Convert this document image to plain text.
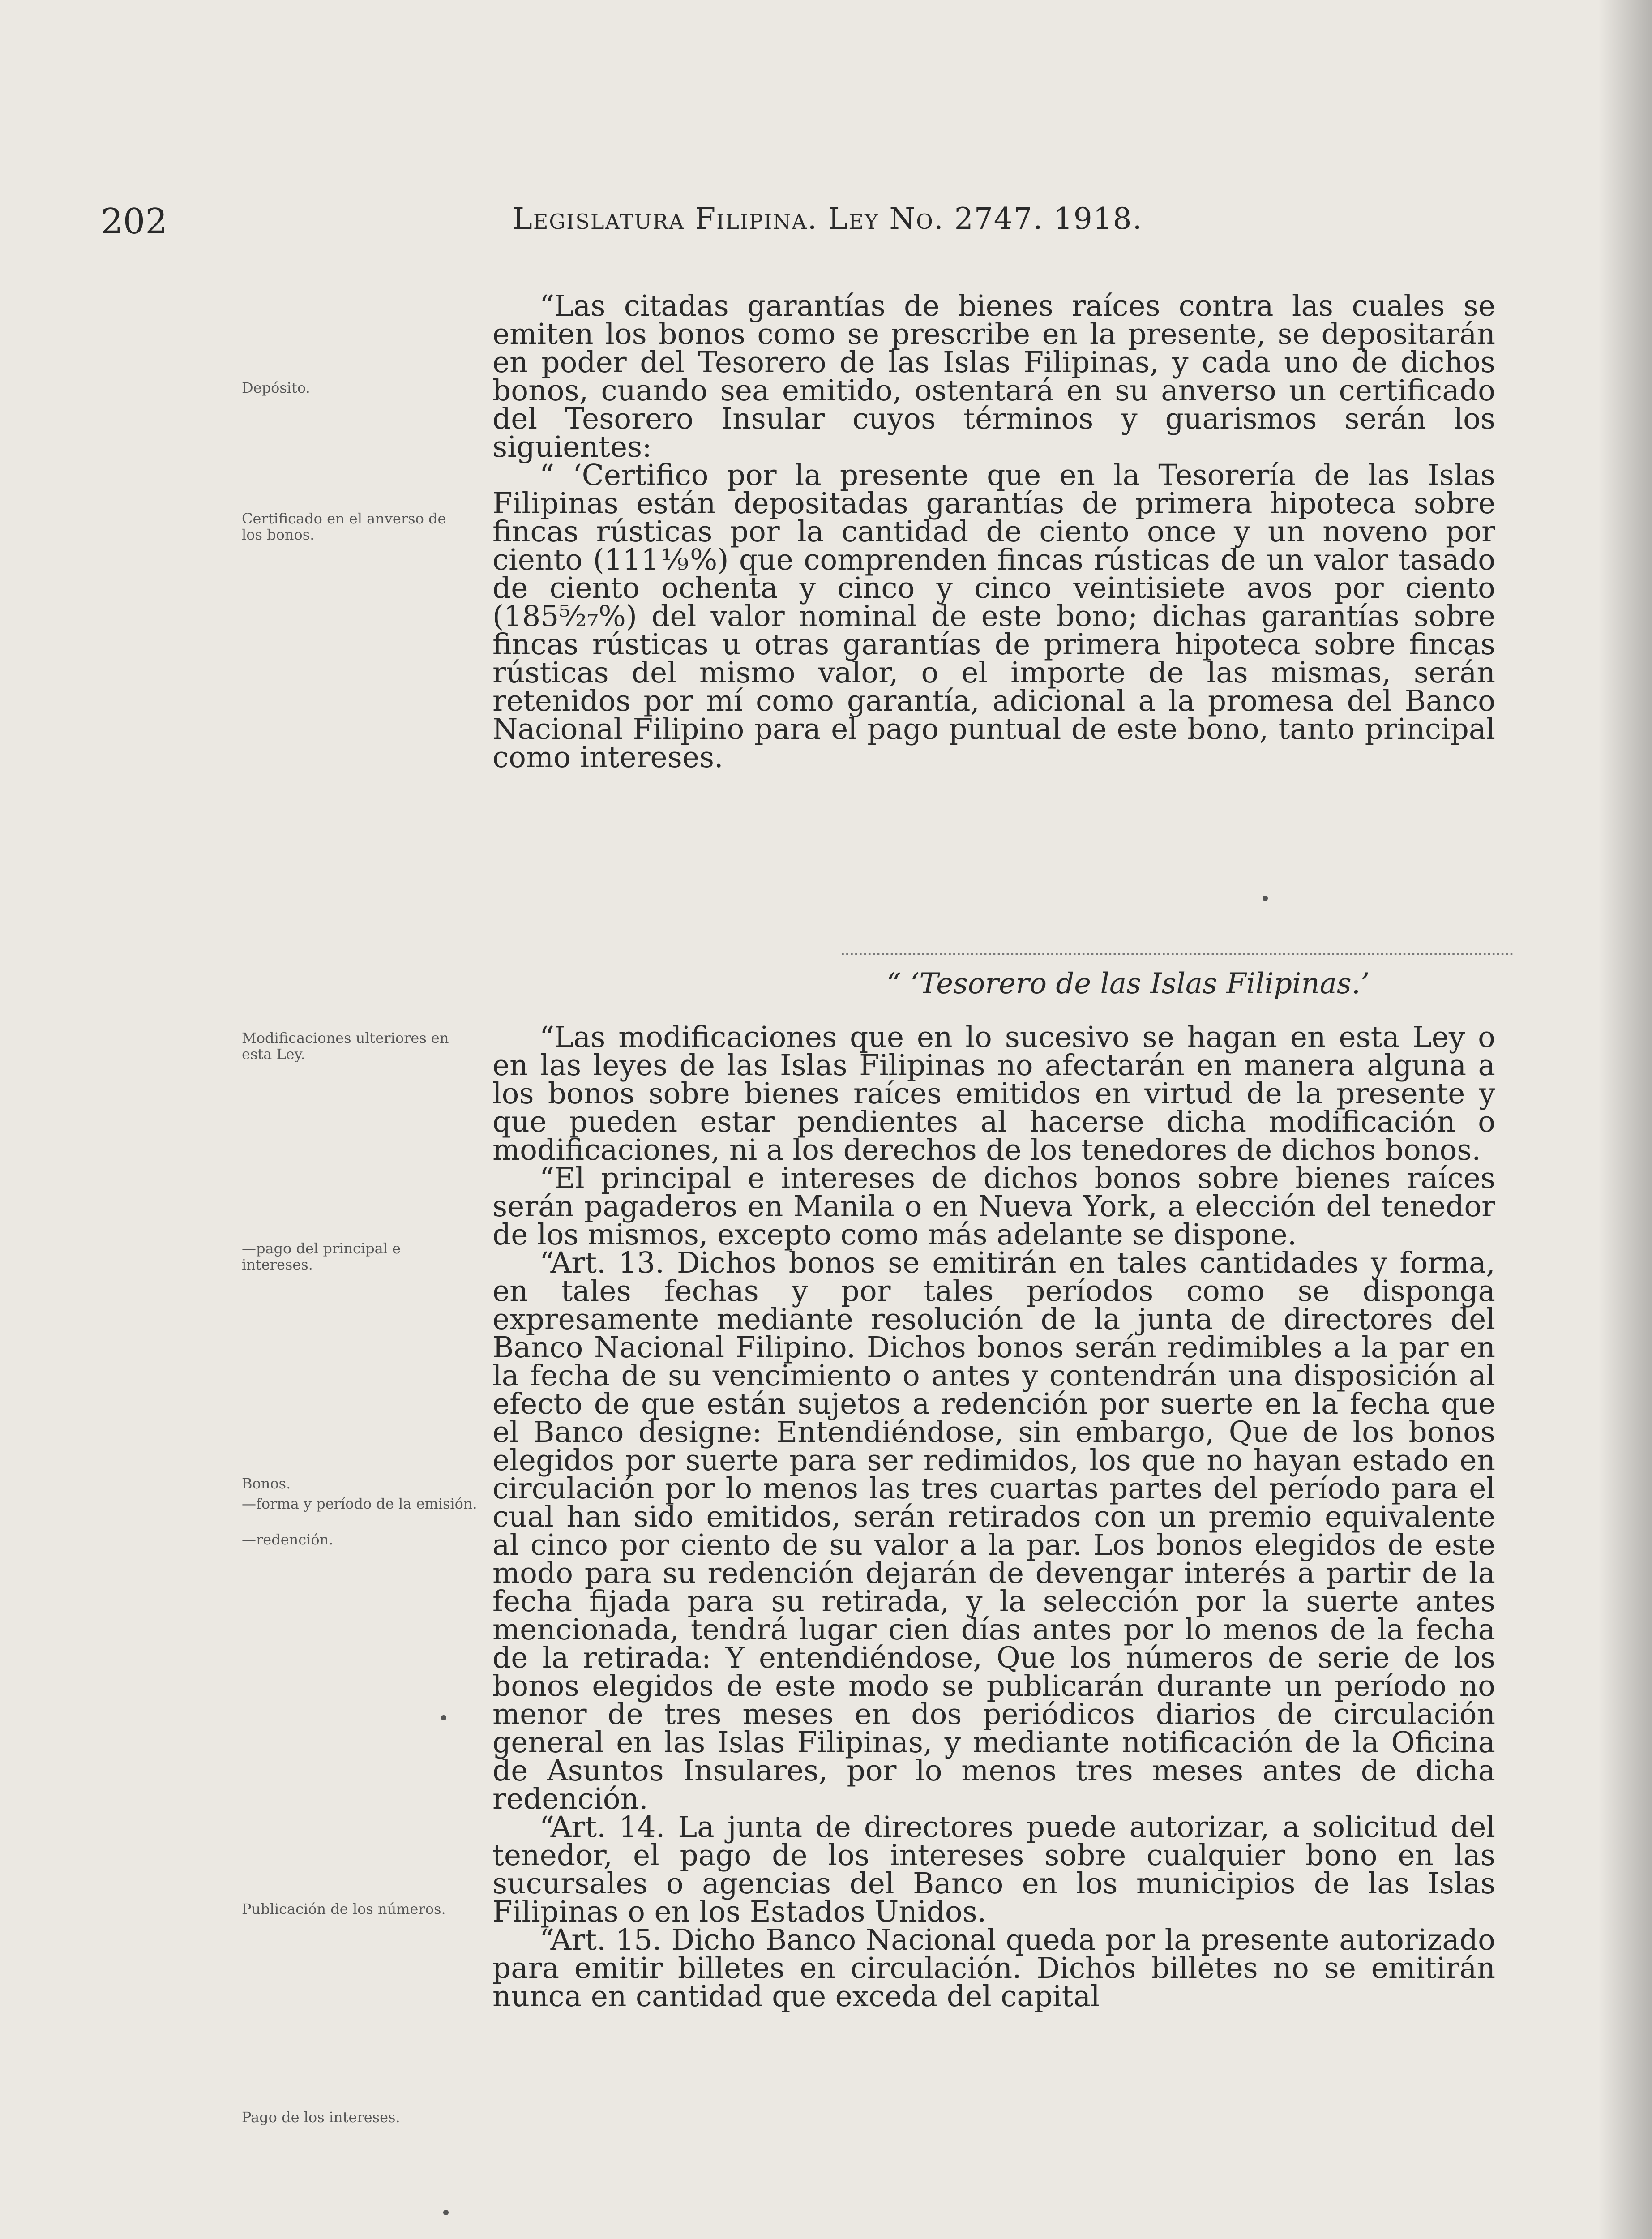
202	Legislatura Filipina. Ley No. 2747. 1918.
Depósito.
Certificado en el anverso de los bonos.
Modificaciones ulteriores en esta Ley.
—pago del principal e intereses.
Bonos.
—forma y período de la emisión.
—redención.
Publicación de los números.
Pago de los intereses.

“Las citadas garantías de bienes raíces contra las cuales se emiten los bonos como se prescribe en la presente, se depositarán en poder del Tesorero de las Islas Filipinas, y cada uno de dichos bonos, cuando sea emitido, ostentará en su anverso un certificado del Tesorero Insular cuyos términos y guarismos serán los siguientes:

“ ‘Certifico por la presente que en la Tesorería de las Islas Filipinas están depositadas garantías de primera hipoteca sobre fincas rústicas por la cantidad de ciento once y un noveno por ciento (111⅑%) que comprenden fincas rústicas de un valor tasado de ciento ochenta y cinco y cinco veintisiete avos por ciento (185⁵⁄₂₇%) del valor nominal de este bono; dichas garantías sobre fincas rústicas u otras garantías de primera hipoteca sobre fincas rústicas del mismo valor, o el importe de las mismas, serán retenidos por mí como garantía, adicional a la promesa del Banco Nacional Filipino para el pago puntual de este bono, tanto principal como intereses.

“ ‘Tesorero de las Islas Filipinas.’

“Las modificaciones que en lo sucesivo se hagan en esta Ley o en las leyes de las Islas Filipinas no afectarán en manera alguna a los bonos sobre bienes raíces emitidos en virtud de la presente y que pueden estar pendientes al hacerse dicha modificación o modificaciones, ni a los derechos de los tenedores de dichos bonos.

“El principal e intereses de dichos bonos sobre bienes raíces serán pagaderos en Manila o en Nueva York, a elección del tenedor de los mismos, excepto como más adelante se dispone.

“Art. 13. Dichos bonos se emitirán en tales cantidades y forma, en tales fechas y por tales períodos como se disponga expresamente mediante resolución de la junta de directores del Banco Nacional Filipino. Dichos bonos serán redimibles a la par en la fecha de su vencimiento o antes y contendrán una disposición al efecto de que están sujetos a redención por suerte en la fecha que el Banco designe: Entendiéndose, sin embargo, Que de los bonos elegidos por suerte para ser redimidos, los que no hayan estado en circulación por lo menos las tres cuartas partes del período para el cual han sido emitidos, serán retirados con un premio equivalente al cinco por ciento de su valor a la par. Los bonos elegidos de este modo para su redención dejarán de devengar interés a partir de la fecha fijada para su retirada, y la selección por la suerte antes mencionada, tendrá lugar cien días antes por lo menos de la fecha de la retirada: Y entendiéndose, Que los números de serie de los bonos elegidos de este modo se publicarán durante un período no menor de tres meses en dos periódicos diarios de circulación general en las Islas Filipinas, y mediante notificación de la Oficina de Asuntos Insulares, por lo menos tres meses antes de dicha redención.

“Art. 14. La junta de directores puede autorizar, a solicitud del tenedor, el pago de los intereses sobre cualquier bono en las sucursales o agencias del Banco en los municipios de las Islas Filipinas o en los Estados Unidos.

“Art. 15. Dicho Banco Nacional queda por la presente autorizado para emitir billetes en circulación. Dichos billetes no se emitirán nunca en cantidad que exceda del capital
